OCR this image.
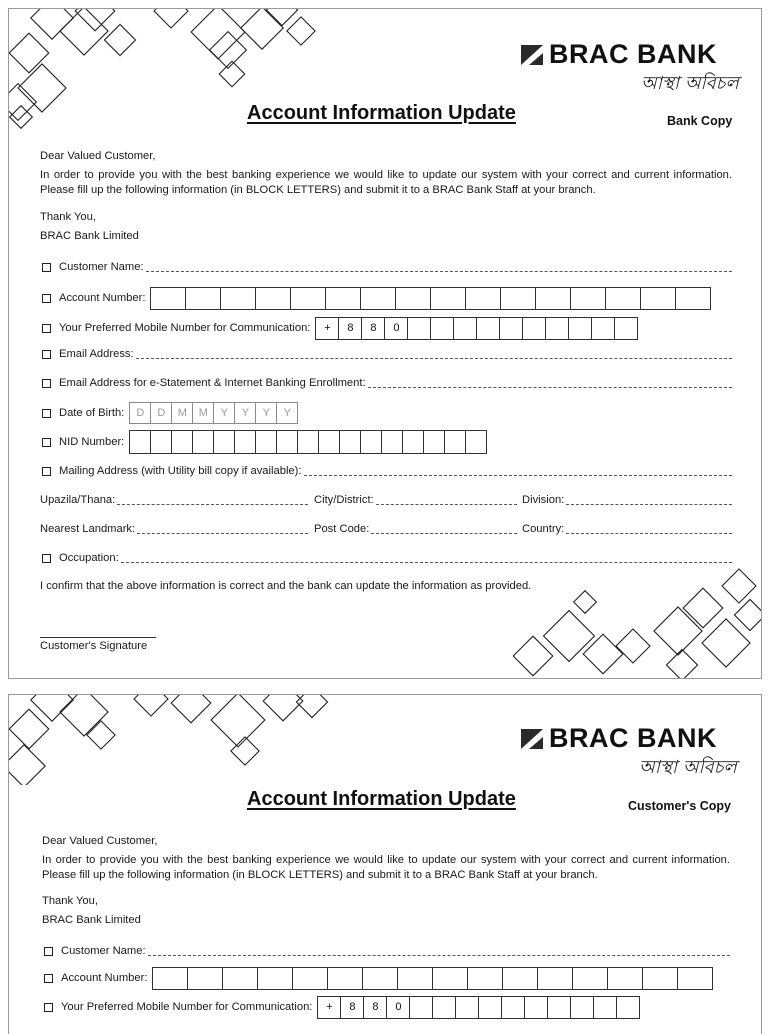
BRAC BANK
আস্থা অবিচল
Account Information Update	Bank Copy
Dear Valued Customer,
In order to provide you with the best banking experience we would like to update our system with your correct and current information. Please fill up the following information (in BLOCK LETTERS) and submit it to a BRAC Bank Staff at your branch.
Thank You,
BRAC Bank Limited
Customer Name:
Account Number:
Your Preferred Mobile Number for Communication:	+	8	8	0
Email Address:
Email Address for e-Statement & Internet Banking Enrollment:
Date of Birth:	D	D	M	M	Y	Y	Y	Y
NID Number:
Mailing Address (with Utility bill copy if available):
Upazila/Thana:	City/District:	Division:
Nearest Landmark:	Post Code:	Country:
Occupation:
I confirm that the above information is correct and the bank can update the information as provided.
Customer's Signature
BRAC BANK
আস্থা অবিচল
Account Information Update	Customer's Copy
Dear Valued Customer,
In order to provide you with the best banking experience we would like to update our system with your correct and current information. Please fill up the following information (in BLOCK LETTERS) and submit it to a BRAC Bank Staff at your branch.
Thank You,
BRAC Bank Limited
Customer Name:
Account Number:
Your Preferred Mobile Number for Communication:	+	8	8	0
